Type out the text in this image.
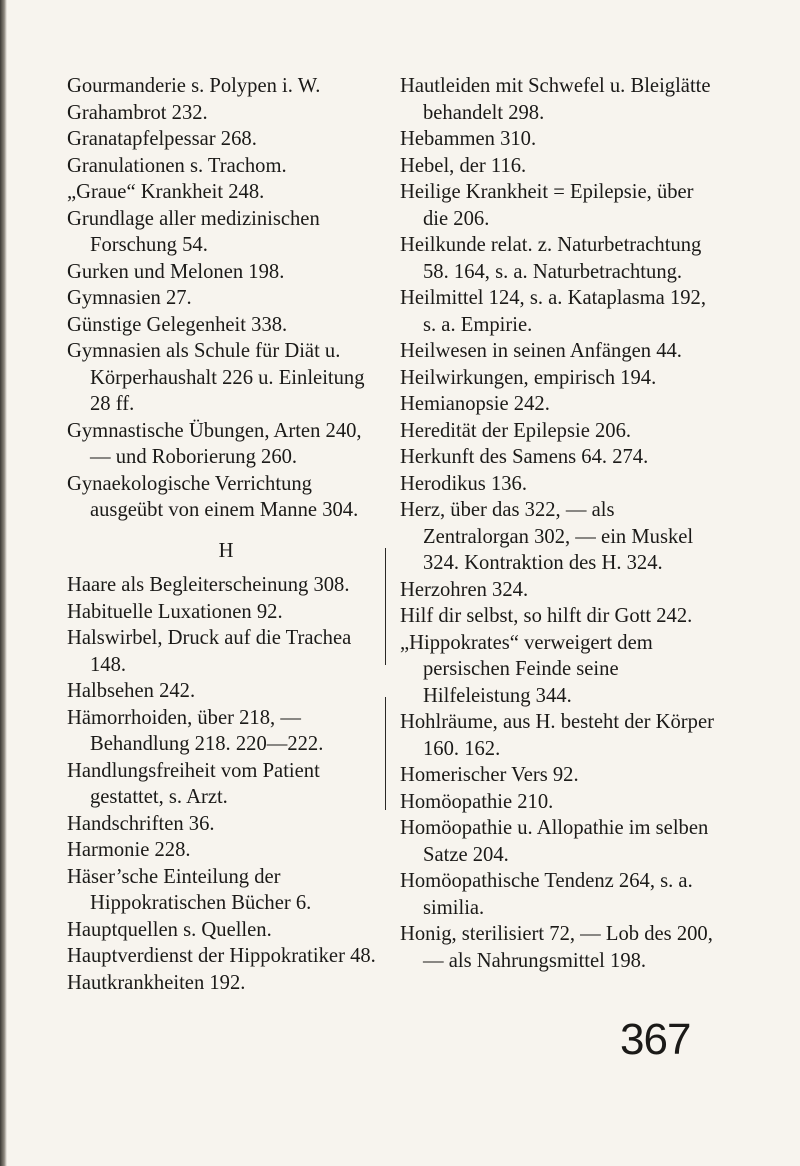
Gourmanderie s. Polypen i. W.

Grahambrot 232.

Granatapfelpessar 268.

Granulationen s. Trachom.

„Graue“ Krankheit 248.

Grundlage aller medizinischen Forschung 54.

Gurken und Melonen 198.

Gymnasien 27.

Günstige Gelegenheit 338.

Gymnasien als Schule für Diät u. Körperhaushalt 226 u. Einleitung 28 ff.

Gymnastische Übungen, Arten 240, — und Roborierung 260.

Gynaekologische Verrichtung ausgeübt von einem Manne 304.

H

Haare als Begleiterscheinung 308.

Habituelle Luxationen 92.

Halswirbel, Druck auf die Trachea 148.

Halbsehen 242.

Hämorrhoiden, über 218, — Behandlung 218. 220—222.

Handlungsfreiheit vom Patient gestattet, s. Arzt.

Handschriften 36.

Harmonie 228.

Häser’sche Einteilung der Hippokratischen Bücher 6.

Hauptquellen s. Quellen.

Hauptverdienst der Hippokratiker 48.

Hautkrankheiten 192.

Hautleiden mit Schwefel u. Bleiglätte behandelt 298.

Hebammen 310.

Hebel, der 116.

Heilige Krankheit = Epilepsie, über die 206.

Heilkunde relat. z. Naturbetrachtung 58. 164, s. a. Naturbetrachtung.

Heilmittel 124, s. a. Kataplasma 192, s. a. Empirie.

Heilwesen in seinen Anfängen 44.

Heilwirkungen, empirisch 194.

Hemianopsie 242.

Heredität der Epilepsie 206.

Herkunft des Samens 64. 274.

Herodikus 136.

Herz, über das 322, — als Zentralorgan 302, — ein Muskel 324. Kontraktion des H. 324.

Herzohren 324.

Hilf dir selbst, so hilft dir Gott 242.

„Hippokrates“ verweigert dem persischen Feinde seine Hilfeleistung 344.

Hohlräume, aus H. besteht der Körper 160. 162.

Homerischer Vers 92.

Homöopathie 210.

Homöopathie u. Allopathie im selben Satze 204.

Homöopathische Tendenz 264, s. a. similia.

Honig, sterilisiert 72, — Lob des 200, — als Nahrungsmittel 198.

367
